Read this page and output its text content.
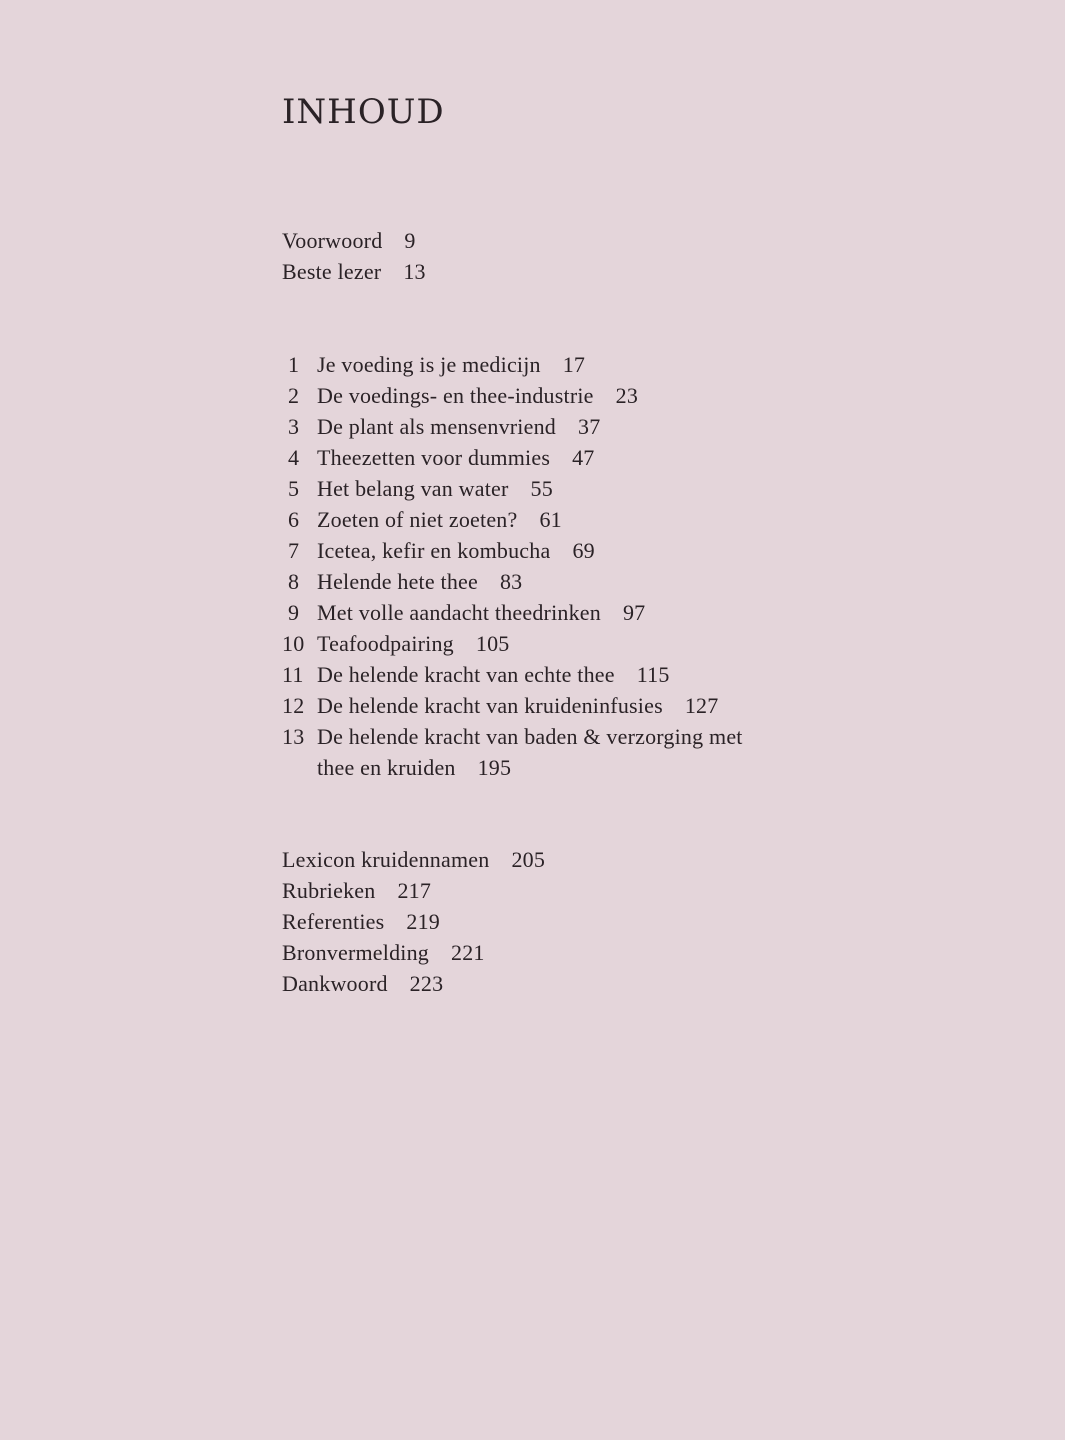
INHOUD
Voorwoord 9
Beste lezer 13
1 Je voeding is je medicijn 17
2 De voedings- en thee-industrie 23
3 De plant als mensenvriend 37
4 Theezetten voor dummies 47
5 Het belang van water 55
6 Zoeten of niet zoeten? 61
7 Icetea, kefir en kombucha 69
8 Helende hete thee 83
9 Met volle aandacht theedrinken 97
10 Teafoodpairing 105
11 De helende kracht van echte thee 115
12 De helende kracht van kruideninfusies 127
13 De helende kracht van baden & verzorging met thee en kruiden 195
Lexicon kruidennamen 205
Rubrieken 217
Referenties 219
Bronvermelding 221
Dankwoord 223
